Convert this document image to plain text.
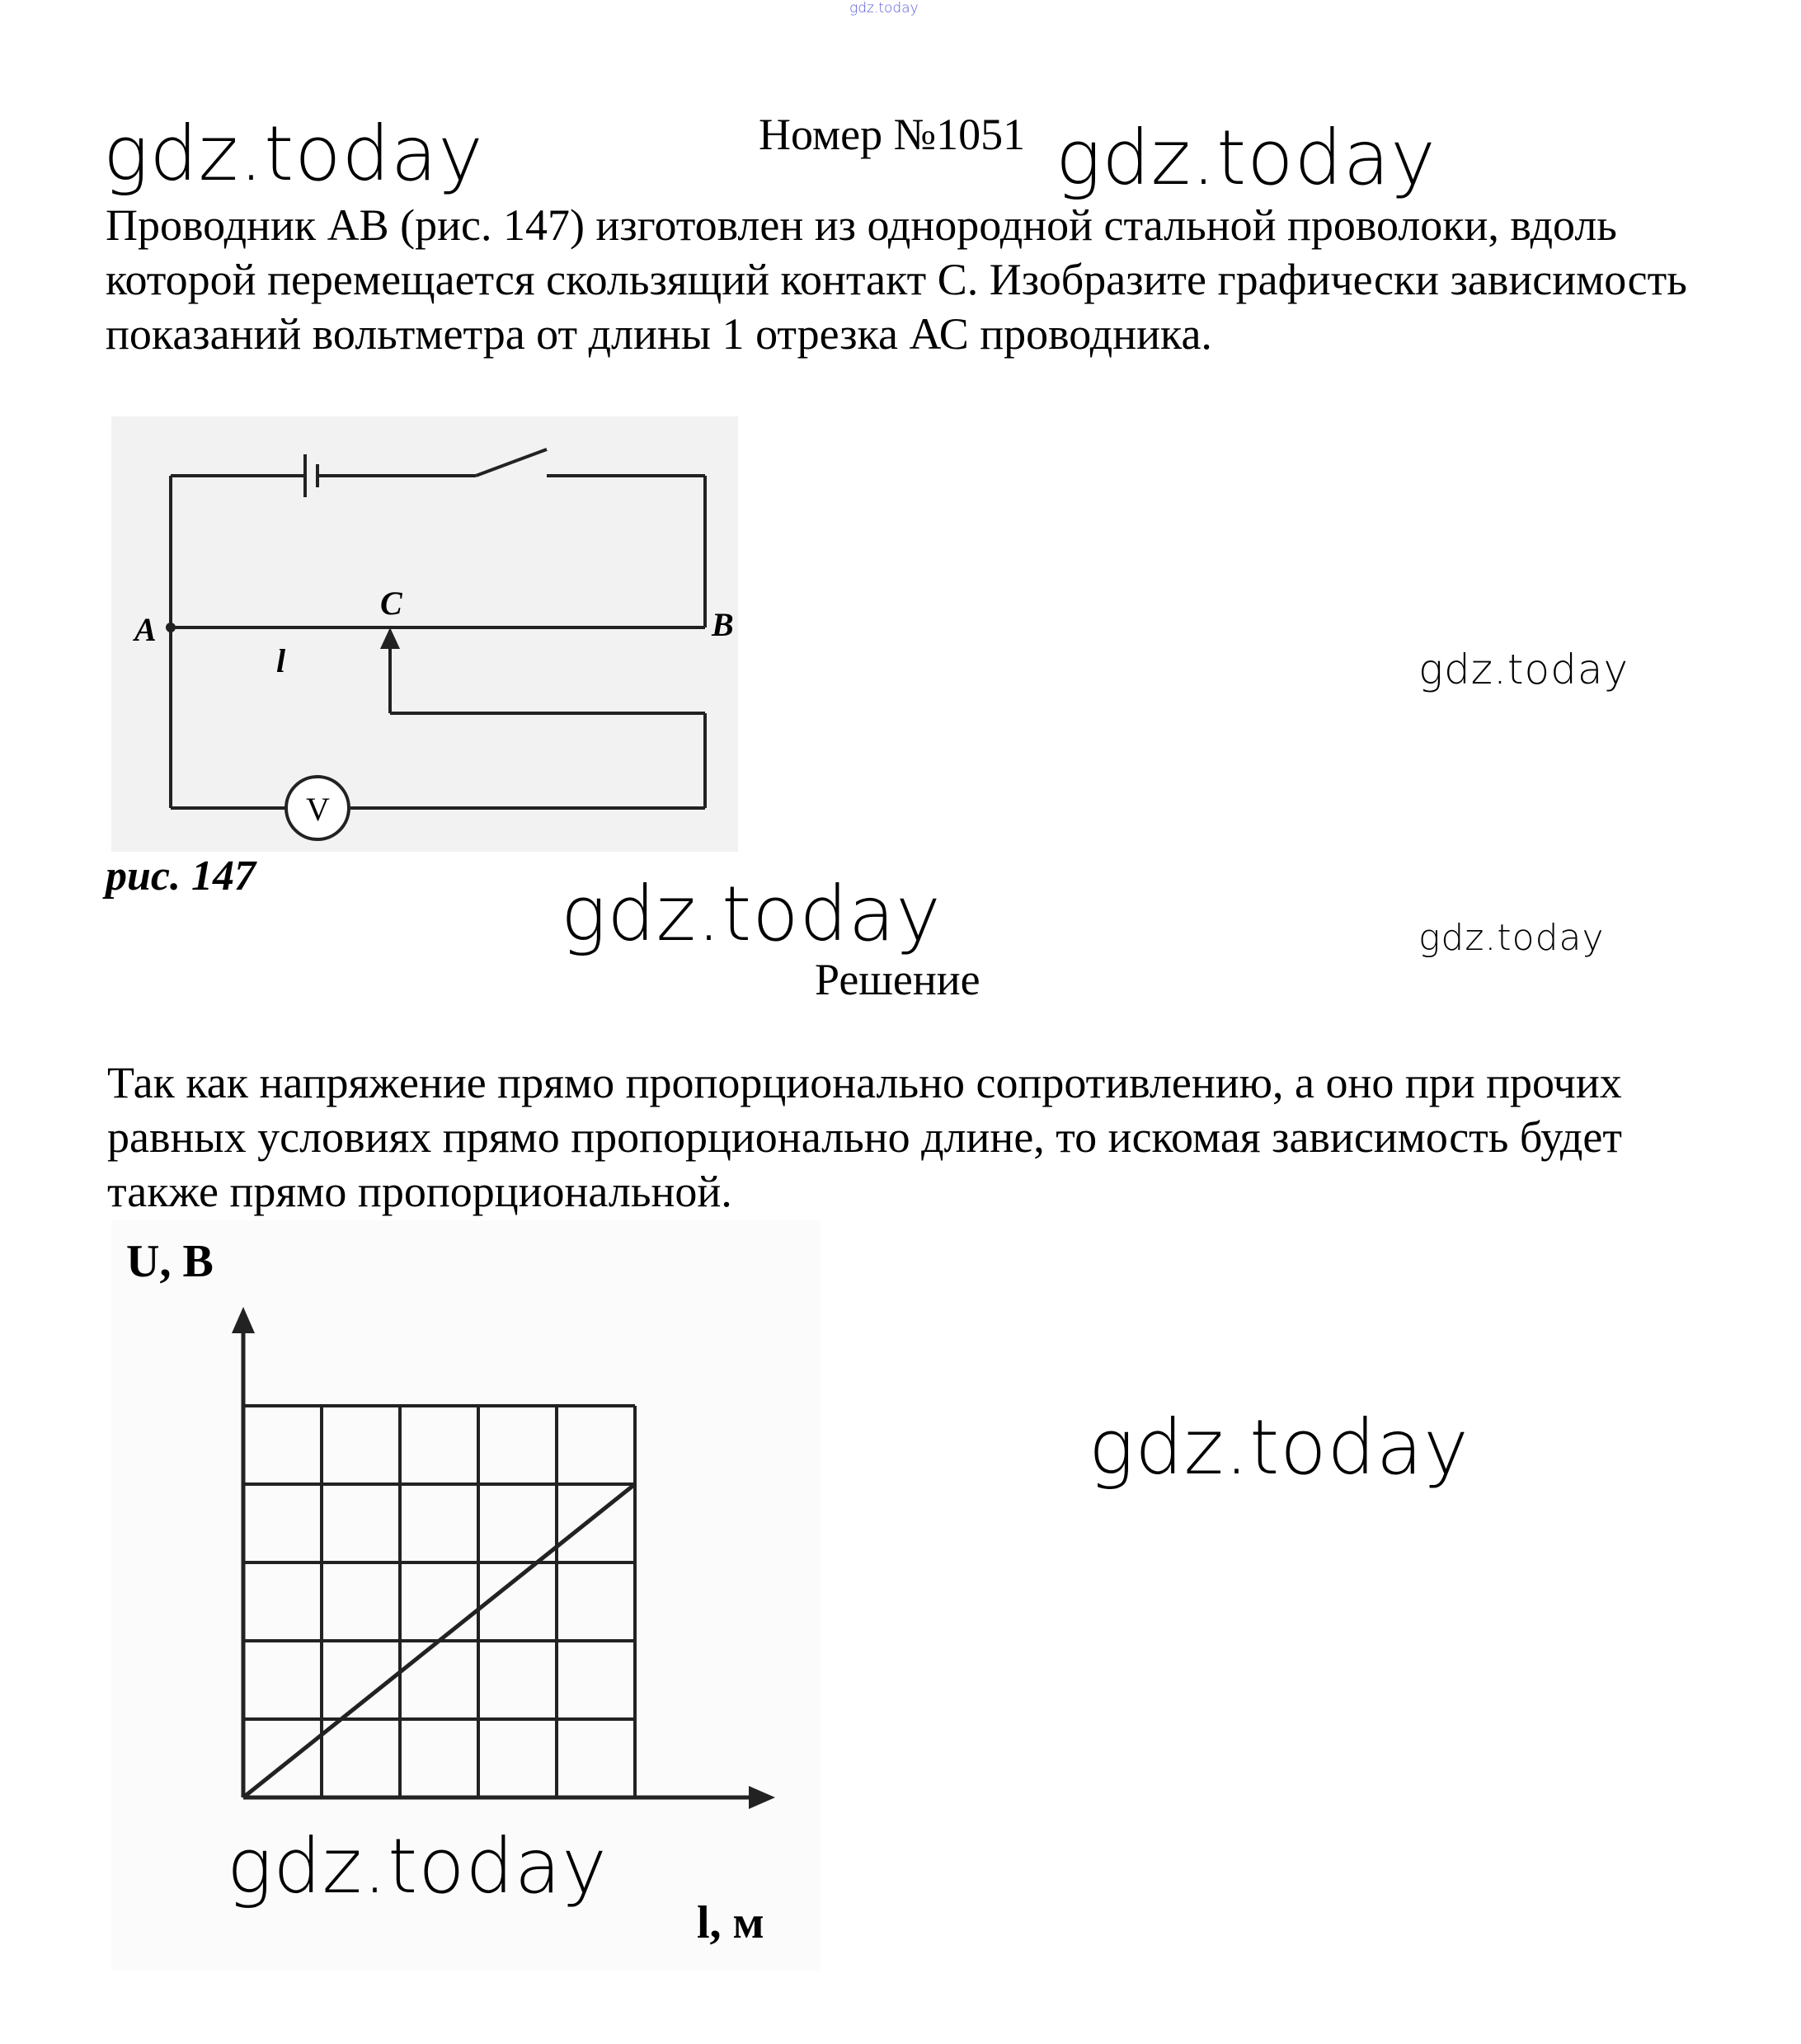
gdz.today
gdz.today	gdz.today
gdz.today
gdz.today	gdz.today
gdz.today
Номер №1051

Проводник АВ (рис. 147) изготовлен из однородной стальной проволоки, вдоль которой перемещается скользящий контакт С. Изобразите графически зависимость показаний вольтметра от длины 1 отрезка АС проводника.

A	B
C
l
V
рис. 147
Решение

Так как напряжение прямо пропорционально сопротивлению, а оно при прочих равных условиях прямо пропорционально длине, то искомая зависимость будет также прямо пропорциональной.

U, В
l, м
gdz.today
